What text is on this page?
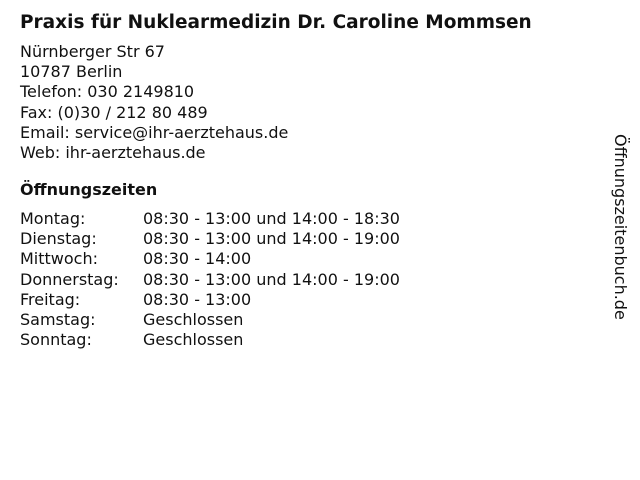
Praxis für Nuklearmedizin Dr. Caroline Mommsen
Nürnberger Str 67
10787 Berlin
Telefon: 030 2149810
Fax: (0)30 / 212 80 489
Email: service@ihr-aerztehaus.de
Web: ihr-aerztehaus.de
Öffnungszeiten
Montag:	08:30 - 13:00 und 14:00 - 18:30
Dienstag:	08:30 - 13:00 und 14:00 - 19:00
Mittwoch:	08:30 - 14:00
Donnerstag:	08:30 - 13:00 und 14:00 - 19:00
Freitag:	08:30 - 13:00
Samstag:	Geschlossen
Sonntag:	Geschlossen
Öffnungszeitenbuch.de
